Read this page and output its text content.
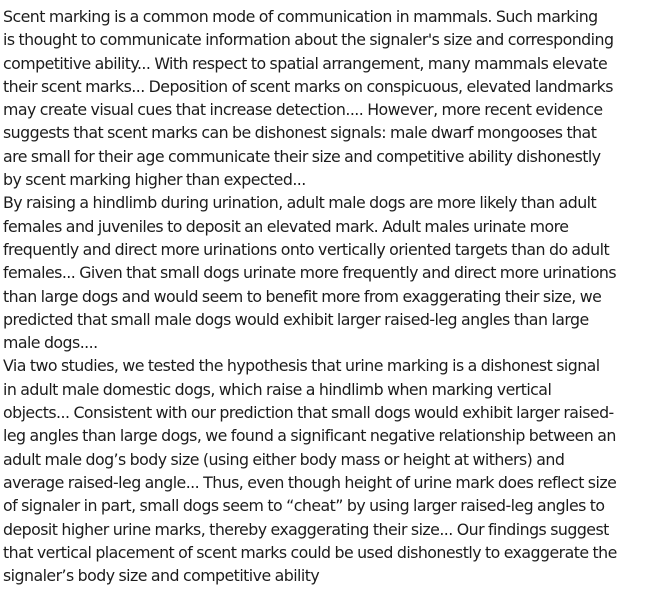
Scent marking is a common mode of communication in mammals. Such marking
is thought to communicate information about the signaler's size and corresponding
competitive ability... With respect to spatial arrangement, many mammals elevate
their scent marks... Deposition of scent marks on conspicuous, elevated landmarks
may create visual cues that increase detection.... However, more recent evidence
suggests that scent marks can be dishonest signals: male dwarf mongooses that
are small for their age communicate their size and competitive ability dishonestly
by scent marking higher than expected...

By raising a hindlimb during urination, adult male dogs are more likely than adult
females and juveniles to deposit an elevated mark. Adult males urinate more
frequently and direct more urinations onto vertically oriented targets than do adult
females... Given that small dogs urinate more frequently and direct more urinations
than large dogs and would seem to benefit more from exaggerating their size, we
predicted that small male dogs would exhibit larger raised-leg angles than large
male dogs....

Via two studies, we tested the hypothesis that urine marking is a dishonest signal
in adult male domestic dogs, which raise a hindlimb when marking vertical
objects... Consistent with our prediction that small dogs would exhibit larger raised-
leg angles than large dogs, we found a significant negative relationship between an
adult male dog’s body size (using either body mass or height at withers) and
average raised-leg angle... Thus, even though height of urine mark does reflect size
of signaler in part, small dogs seem to “cheat” by using larger raised-leg angles to
deposit higher urine marks, thereby exaggerating their size... Our findings suggest
that vertical placement of scent marks could be used dishonestly to exaggerate the
signaler’s body size and competitive ability
